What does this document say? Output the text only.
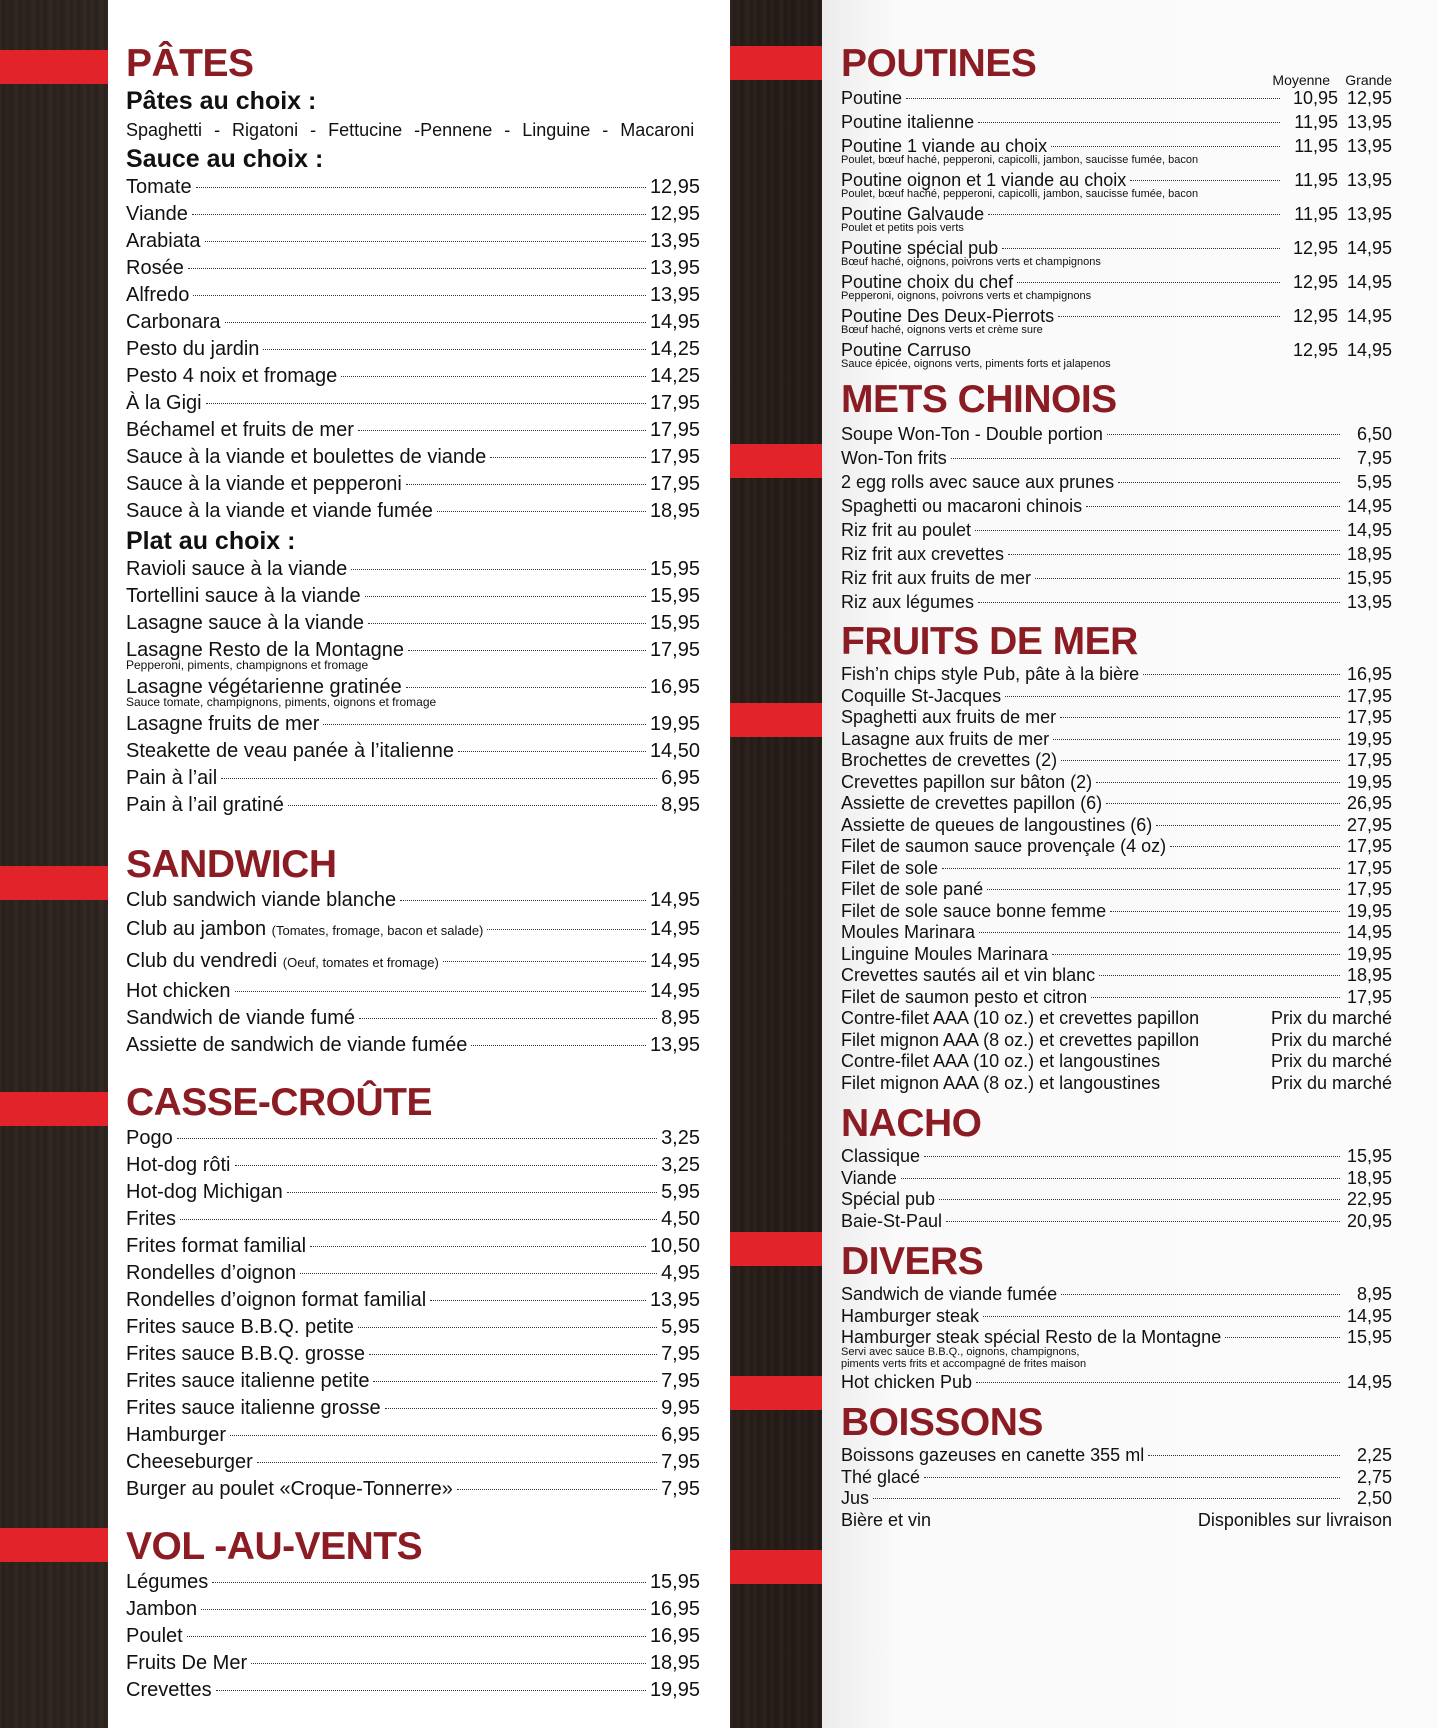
PÂTES
Pâtes au choix :
Spaghetti  -  Rigatoni  -  Fettucine  -Pennene  -  Linguine  -  Macaroni
Sauce au choix :
Tomate	12,95
Viande	12,95
Arabiata	13,95
Rosée	13,95
Alfredo	13,95
Carbonara	14,95
Pesto du jardin	14,25
Pesto 4 noix et fromage	14,25
À la Gigi	17,95
Béchamel et fruits de mer	17,95
Sauce à la viande et boulettes de viande	17,95
Sauce à la viande et pepperoni	17,95
Sauce à la viande et viande fumée	18,95
Plat au choix :
Ravioli sauce à la viande	15,95
Tortellini sauce à la viande	15,95
Lasagne sauce à la viande	15,95
Lasagne Resto de la Montagne	17,95
Pepperoni, piments, champignons et fromage
Lasagne végétarienne gratinée	16,95
Sauce tomate, champignons, piments, oignons et fromage
Lasagne fruits de mer	19,95
Steakette de veau panée à l’italienne	14,50
Pain à l’ail	6,95
Pain à l’ail gratiné	8,95
SANDWICH
Club sandwich viande blanche	14,95
Club au jambon
(Tomates, fromage, bacon et salade)	14,95
Club du vendredi
(Oeuf, tomates et fromage)	14,95
Hot chicken	14,95
Sandwich de viande fumé	8,95
Assiette de sandwich de viande fumée	13,95
CASSE-CROÛTE
Pogo	3,25
Hot-dog rôti	3,25
Hot-dog Michigan	5,95
Frites	4,50
Frites format familial	10,50
Rondelles d’oignon	4,95
Rondelles d’oignon format familial	13,95
Frites sauce B.B.Q. petite	5,95
Frites sauce B.B.Q. grosse	7,95
Frites sauce italienne petite	7,95
Frites sauce italienne grosse	9,95
Hamburger	6,95
Cheeseburger	7,95
Burger au poulet «Croque-Tonnerre»	7,95
VOL -AU-VENTS
Légumes	15,95
Jambon	16,95
Poulet	16,95
Fruits De Mer	18,95
Crevettes	19,95
POUTINES	Moyenne	Grande
Poutine	10,95 12,95
Poutine italienne	11,95 13,95
Poutine 1 viande au choix	11,95 13,95
Poulet, bœuf haché, pepperoni, capicolli, jambon, saucisse fumée, bacon
Poutine oignon et 1 viande au choix	11,95 13,95
Poulet, bœuf haché, pepperoni, capicolli, jambon, saucisse fumée, bacon
Poutine Galvaude	11,95 13,95
Poulet et petits pois verts
Poutine spécial pub	12,95 14,95
Bœuf haché, oignons, poivrons verts et champignons
Poutine choix du chef	12,95 14,95
Pepperoni, oignons, poivrons verts et champignons
Poutine Des Deux-Pierrots	12,95 14,95
Bœuf haché, oignons verts et crème sure
Poutine Carruso	12,95 14,95
Sauce épicée, oignons verts, piments forts et jalapenos
METS CHINOIS
Soupe Won-Ton - Double portion	6,50
Won-Ton frits	7,95
2 egg rolls avec sauce aux prunes	5,95
Spaghetti ou macaroni chinois	14,95
Riz frit au poulet	14,95
Riz frit aux crevettes	18,95
Riz frit aux fruits de mer	15,95
Riz aux légumes	13,95
FRUITS DE MER
Fish’n chips style Pub, pâte à la bière	16,95
Coquille St-Jacques	17,95
Spaghetti aux fruits de mer	17,95
Lasagne aux fruits de mer	19,95
Brochettes de crevettes (2)	17,95
Crevettes papillon sur bâton (2)	19,95
Assiette de crevettes papillon (6)	26,95
Assiette de queues de langoustines (6)	27,95
Filet de saumon sauce provençale (4 oz)	17,95
Filet de sole	17,95
Filet de sole pané	17,95
Filet de sole sauce bonne femme	19,95
Moules Marinara	14,95
Linguine Moules Marinara	19,95
Crevettes sautés ail et vin blanc	18,95
Filet de saumon pesto et citron	17,95
Contre-filet AAA (10 oz.) et crevettes papillon	Prix du marché
Filet mignon AAA (8 oz.) et crevettes papillon	Prix du marché
Contre-filet AAA (10 oz.) et langoustines	Prix du marché
Filet mignon AAA (8 oz.) et langoustines	Prix du marché
NACHO
Classique	15,95
Viande	18,95
Spécial pub	22,95
Baie-St-Paul	20,95
DIVERS
Sandwich de viande fumée	8,95
Hamburger steak	14,95
Hamburger steak spécial Resto de la Montagne	15,95
Servi avec sauce B.B.Q., oignons, champignons,
piments verts frits et accompagné de frites maison
Hot chicken Pub	14,95
BOISSONS
Boissons gazeuses en canette 355 ml	2,25
Thé glacé	2,75
Jus	2,50
Bière et vin	Disponibles sur livraison
